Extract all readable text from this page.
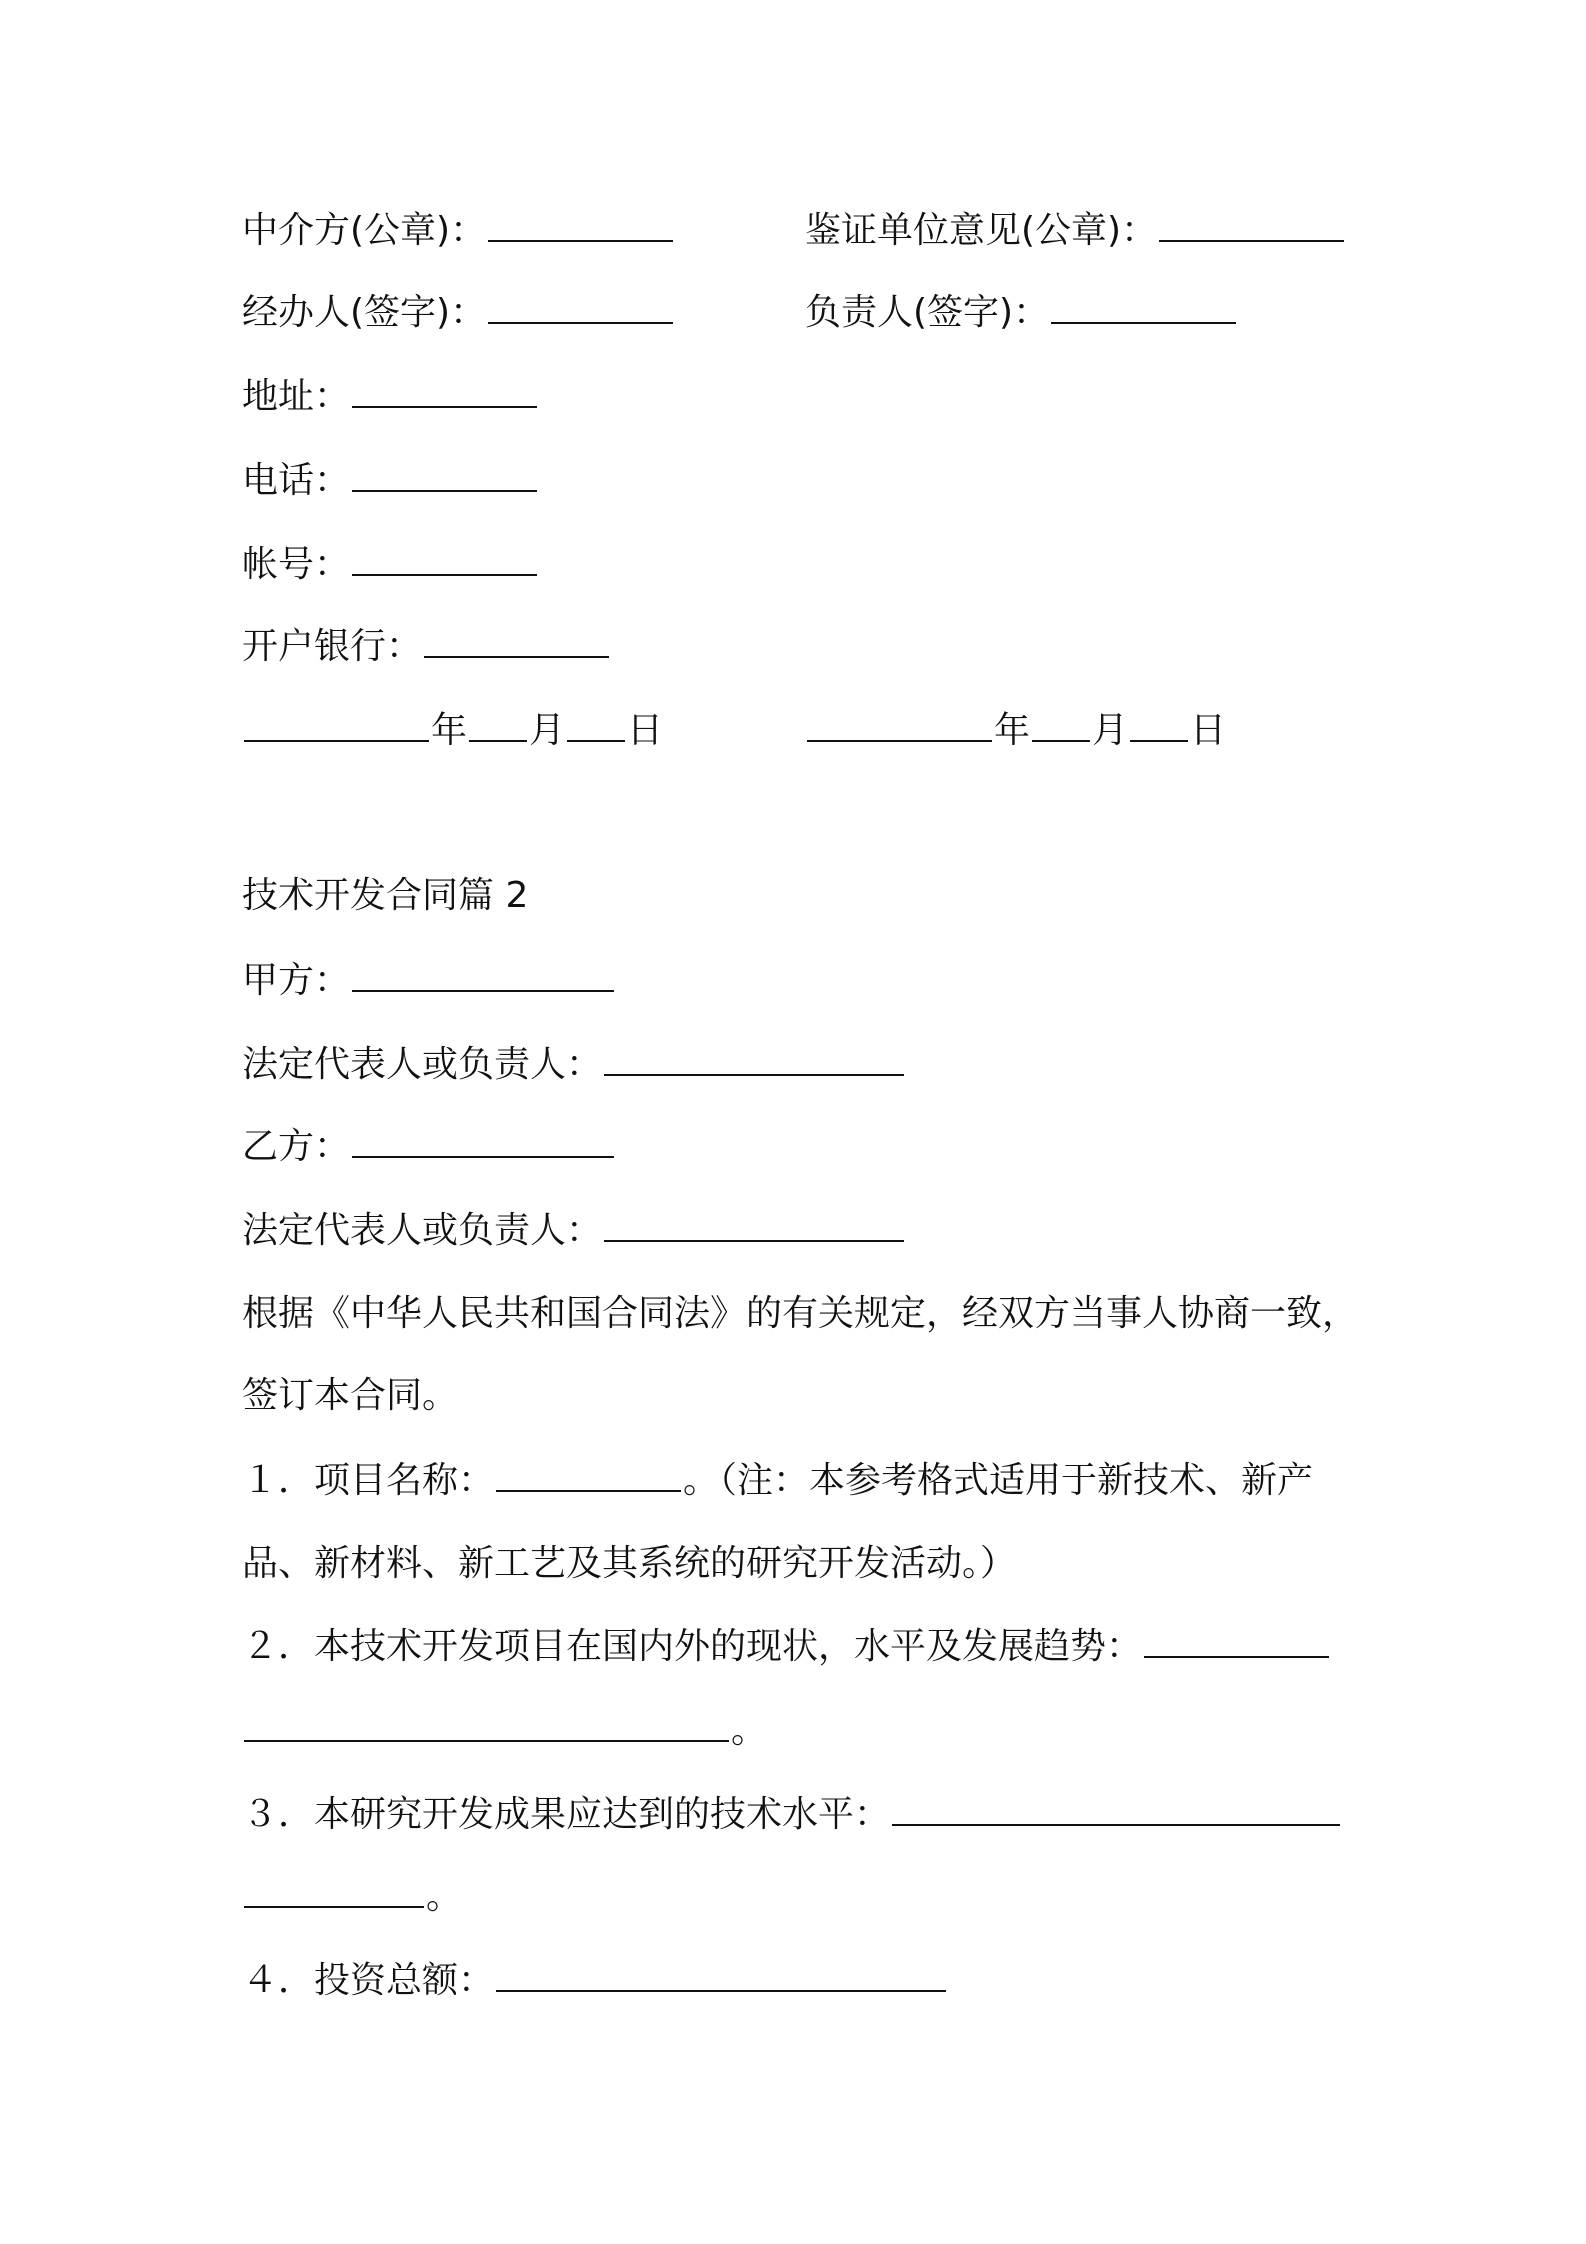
中介方(公章)：	鉴证单位意见(公章)：
经办人(签字)：	负责人(签字)：
地址：
电话：
帐号：
开户银行：
年 月 日	年 月 日
技术开发合同篇 2
甲方：
法定代表人或负责人：
乙方：
法定代表人或负责人：
根据《中华人民共和国合同法》的有关规定，经双方当事人协商一致，
签订本合同。
１．项目名称：	。（注：本参考格式适用于新技术、新产
品、新材料、新工艺及其系统的研究开发活动。）
２．本技术开发项目在国内外的现状，水平及发展趋势：
。
３．本研究开发成果应达到的技术水平：
。
４．投资总额：
